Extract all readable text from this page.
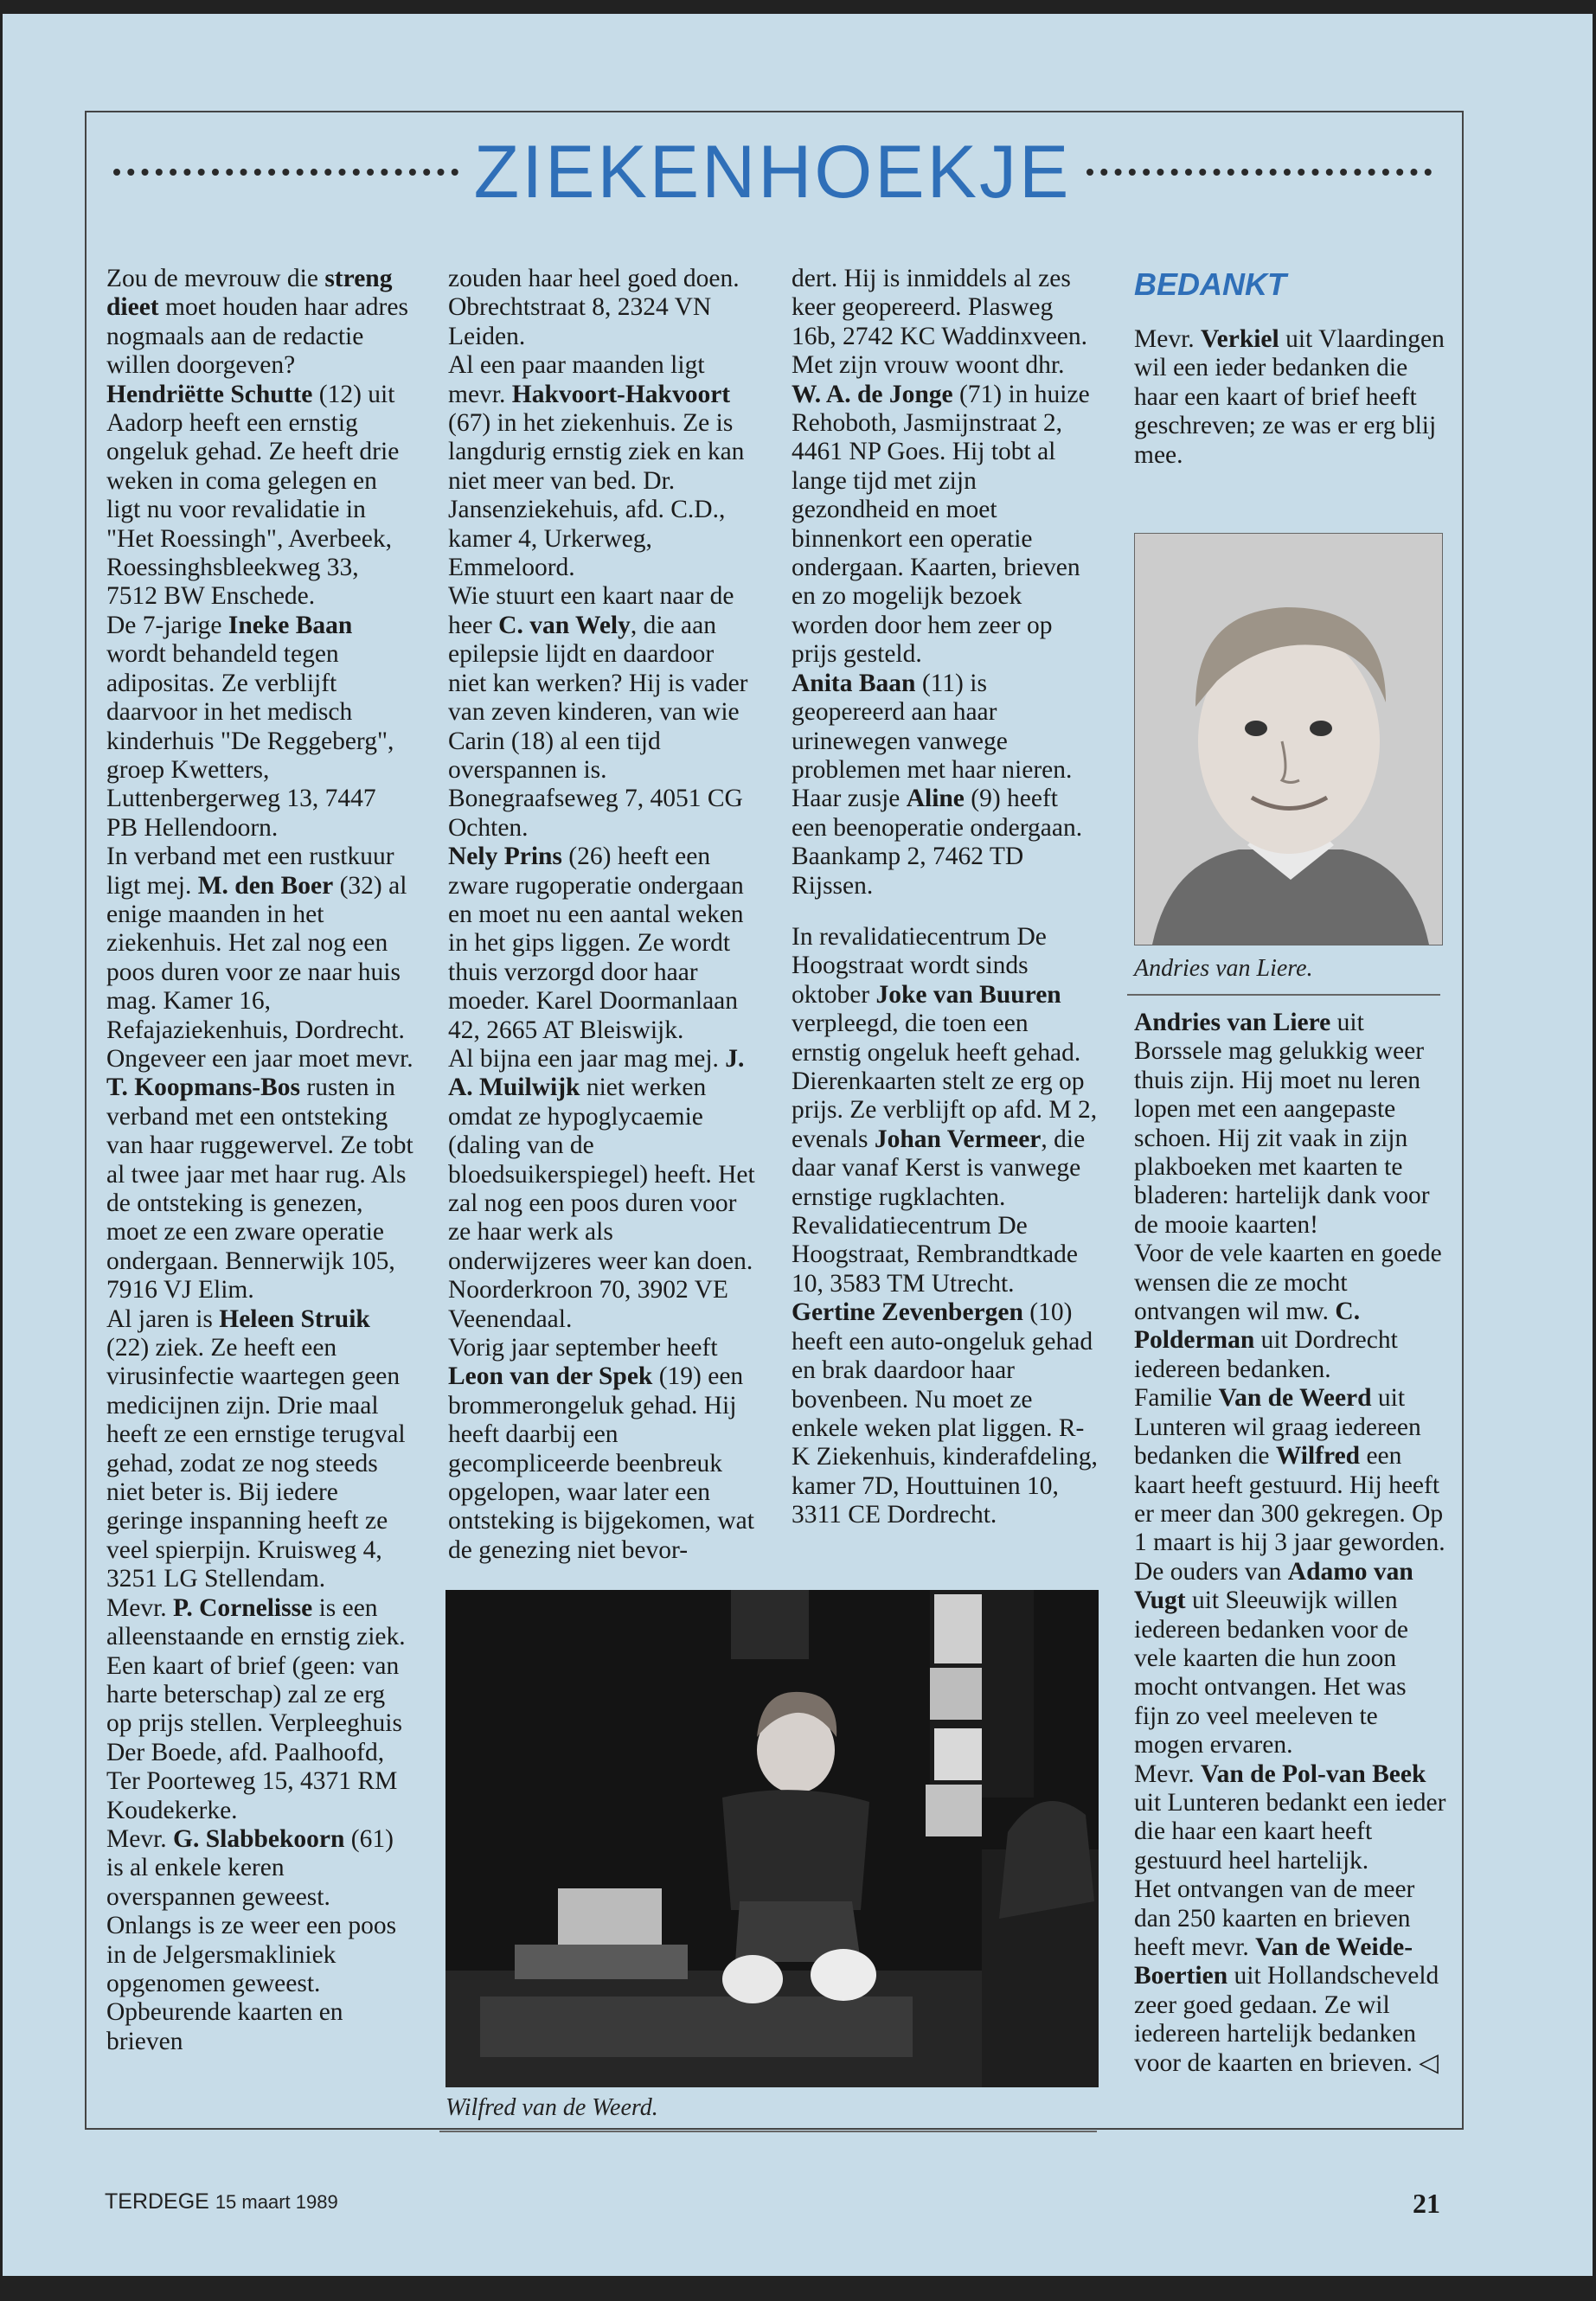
ZIEKENHOEKJE

Zou de mevrouw die streng dieet moet houden haar adres nogmaals aan de redactie willen doorgeven?

Hendriëtte Schutte (12) uit Aadorp heeft een ernstig ongeluk gehad. Ze heeft drie weken in coma gelegen en ligt nu voor revalidatie in "Het Roessingh", Averbeek, Roessinghsbleekweg 33, 7512 BW Enschede.

De 7-jarige Ineke Baan wordt behandeld tegen adipositas. Ze verblijft daarvoor in het medisch kinderhuis "De Reggeberg", groep Kwetters, Luttenbergerweg 13, 7447 PB Hellendoorn.

In verband met een rustkuur ligt mej. M. den Boer (32) al enige maanden in het ziekenhuis. Het zal nog een poos duren voor ze naar huis mag. Kamer 16, Refajaziekenhuis, Dordrecht.

Ongeveer een jaar moet mevr. T. Koopmans-Bos rusten in verband met een ontsteking van haar ruggewervel. Ze tobt al twee jaar met haar rug. Als de ontsteking is genezen, moet ze een zware operatie ondergaan. Bennerwijk 105, 7916 VJ Elim.

Al jaren is Heleen Struik (22) ziek. Ze heeft een virusinfectie waartegen geen medicijnen zijn. Drie maal heeft ze een ernstige terugval gehad, zodat ze nog steeds niet beter is. Bij iedere geringe inspanning heeft ze veel spierpijn. Kruisweg 4, 3251 LG Stellendam.

Mevr. P. Cornelisse is een alleenstaande en ernstig ziek. Een kaart of brief (geen: van harte beterschap) zal ze erg op prijs stellen. Verpleeghuis Der Boede, afd. Paalhoofd, Ter Poorteweg 15, 4371 RM Koudekerke.

Mevr. G. Slabbekoorn (61) is al enkele keren overspannen geweest. Onlangs is ze weer een poos in de Jelgersmakliniek opgenomen geweest. Opbeurende kaarten en brieven

zouden haar heel goed doen. Obrechtstraat 8, 2324 VN Leiden.

Al een paar maanden ligt mevr. Hakvoort-Hakvoort (67) in het ziekenhuis. Ze is langdurig ernstig ziek en kan niet meer van bed. Dr. Jansenziekehuis, afd. C.D., kamer 4, Urkerweg, Emmeloord.

Wie stuurt een kaart naar de heer C. van Wely, die aan epilepsie lijdt en daardoor niet kan werken? Hij is vader van zeven kinderen, van wie Carin (18) al een tijd overspannen is. Bonegraafseweg 7, 4051 CG Ochten.

Nely Prins (26) heeft een zware rugoperatie ondergaan en moet nu een aantal weken in het gips liggen. Ze wordt thuis verzorgd door haar moeder. Karel Doormanlaan 42, 2665 AT Bleiswijk.

Al bijna een jaar mag mej. J. A. Muilwijk niet werken omdat ze hypoglycaemie (daling van de bloedsuikerspiegel) heeft. Het zal nog een poos duren voor ze haar werk als onderwijzeres weer kan doen. Noorderkroon 70, 3902 VE Veenendaal.

Vorig jaar september heeft Leon van der Spek (19) een brommerongeluk gehad. Hij heeft daarbij een gecompliceerde beenbreuk opgelopen, waar later een ontsteking is bijgekomen, wat de genezing niet bevor-

dert. Hij is inmiddels al zes keer geopereerd. Plasweg 16b, 2742 KC Waddinxveen.

Met zijn vrouw woont dhr. W. A. de Jonge (71) in huize Rehoboth, Jasmijnstraat 2, 4461 NP Goes. Hij tobt al lange tijd met zijn gezondheid en moet binnenkort een operatie ondergaan. Kaarten, brieven en zo mogelijk bezoek worden door hem zeer op prijs gesteld.

Anita Baan (11) is geopereerd aan haar urinewegen vanwege problemen met haar nieren. Haar zusje Aline (9) heeft een beenoperatie ondergaan. Baankamp 2, 7462 TD Rijssen.

In revalidatiecentrum De Hoogstraat wordt sinds oktober Joke van Buuren verpleegd, die toen een ernstig ongeluk heeft gehad. Dierenkaarten stelt ze erg op prijs. Ze verblijft op afd. M 2, evenals Johan Vermeer, die daar vanaf Kerst is vanwege ernstige rugklachten. Revalidatiecentrum De Hoogstraat, Rembrandtkade 10, 3583 TM Utrecht.

Gertine Zevenbergen (10) heeft een auto-ongeluk gehad en brak daardoor haar bovenbeen. Nu moet ze enkele weken plat liggen. R-K Ziekenhuis, kinderafdeling, kamer 7D, Houttuinen 10, 3311 CE Dordrecht.

BEDANKT

Mevr. Verkiel uit Vlaardingen wil een ieder bedanken die haar een kaart of brief heeft geschreven; ze was er erg blij mee.

Andries van Liere.

Andries van Liere uit Borssele mag gelukkig weer thuis zijn. Hij moet nu leren lopen met een aangepaste schoen. Hij zit vaak in zijn plakboeken met kaarten te bladeren: hartelijk dank voor de mooie kaarten!

Voor de vele kaarten en goede wensen die ze mocht ontvangen wil mw. C. Polderman uit Dordrecht iedereen bedanken.

Familie Van de Weerd uit Lunteren wil graag iedereen bedanken die Wilfred een kaart heeft gestuurd. Hij heeft er meer dan 300 gekregen. Op 1 maart is hij 3 jaar geworden.

De ouders van Adamo van Vugt uit Sleeuwijk willen iedereen bedanken voor de vele kaarten die hun zoon mocht ontvangen. Het was fijn zo veel meeleven te mogen ervaren.

Mevr. Van de Pol-van Beek uit Lunteren bedankt een ieder die haar een kaart heeft gestuurd heel hartelijk.

Het ontvangen van de meer dan 250 kaarten en brieven heeft mevr. Van de Weide-Boertien uit Hollandscheveld zeer goed gedaan. Ze wil iedereen hartelijk bedanken voor de kaarten en brieven. ◁

Wilfred van de Weerd.
TERDEGE 15 maart 1989	21
